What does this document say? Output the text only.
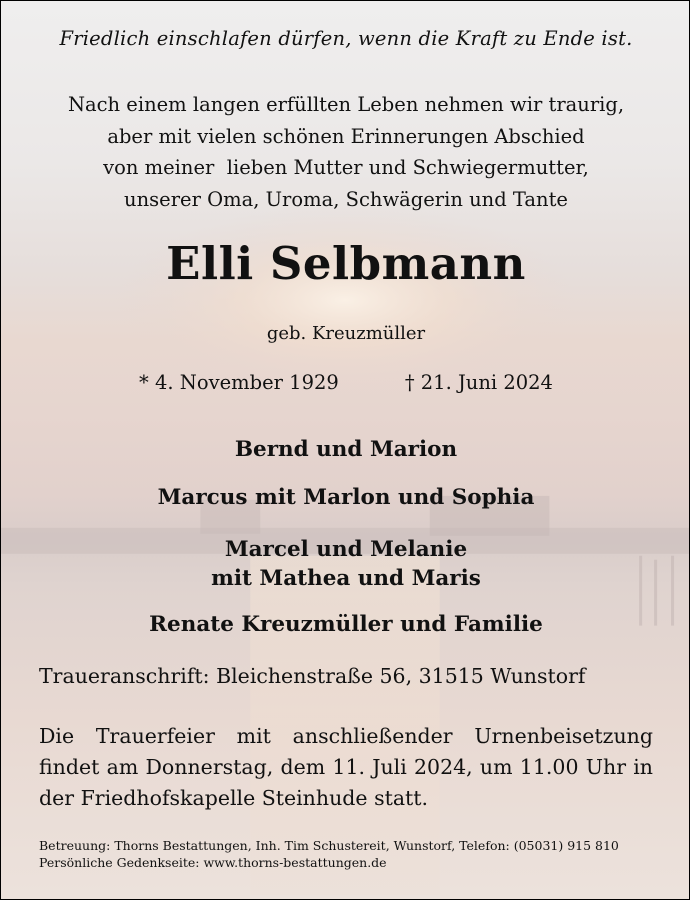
Friedlich einschlafen dürfen, wenn die Kraft zu Ende ist.
Nach einem langen erfüllten Leben nehmen wir traurig,
aber mit vielen schönen Erinnerungen Abschied
von meiner  lieben Mutter und Schwiegermutter,
unserer Oma, Uroma, Schwägerin und Tante
Elli Selbmann
geb. Kreuzmüller
* 4. November 1929	† 21. Juni 2024
Bernd und Marion
Marcus mit Marlon und Sophia
Marcel und Melanie
mit Mathea und Maris
Renate Kreuzmüller und Familie
Traueranschrift: Bleichenstraße 56, 31515 Wunstorf
Die Trauerfeier mit anschließender Urnenbeisetzung
findet am Donnerstag, dem 11. Juli 2024, um 11.00 Uhr in
der Friedhofskapelle Steinhude statt.
Betreuung: Thorns Bestattungen, Inh. Tim Schustereit, Wunstorf, Telefon: (05031) 915 810
Persönliche Gedenkseite: www.thorns-bestattungen.de
